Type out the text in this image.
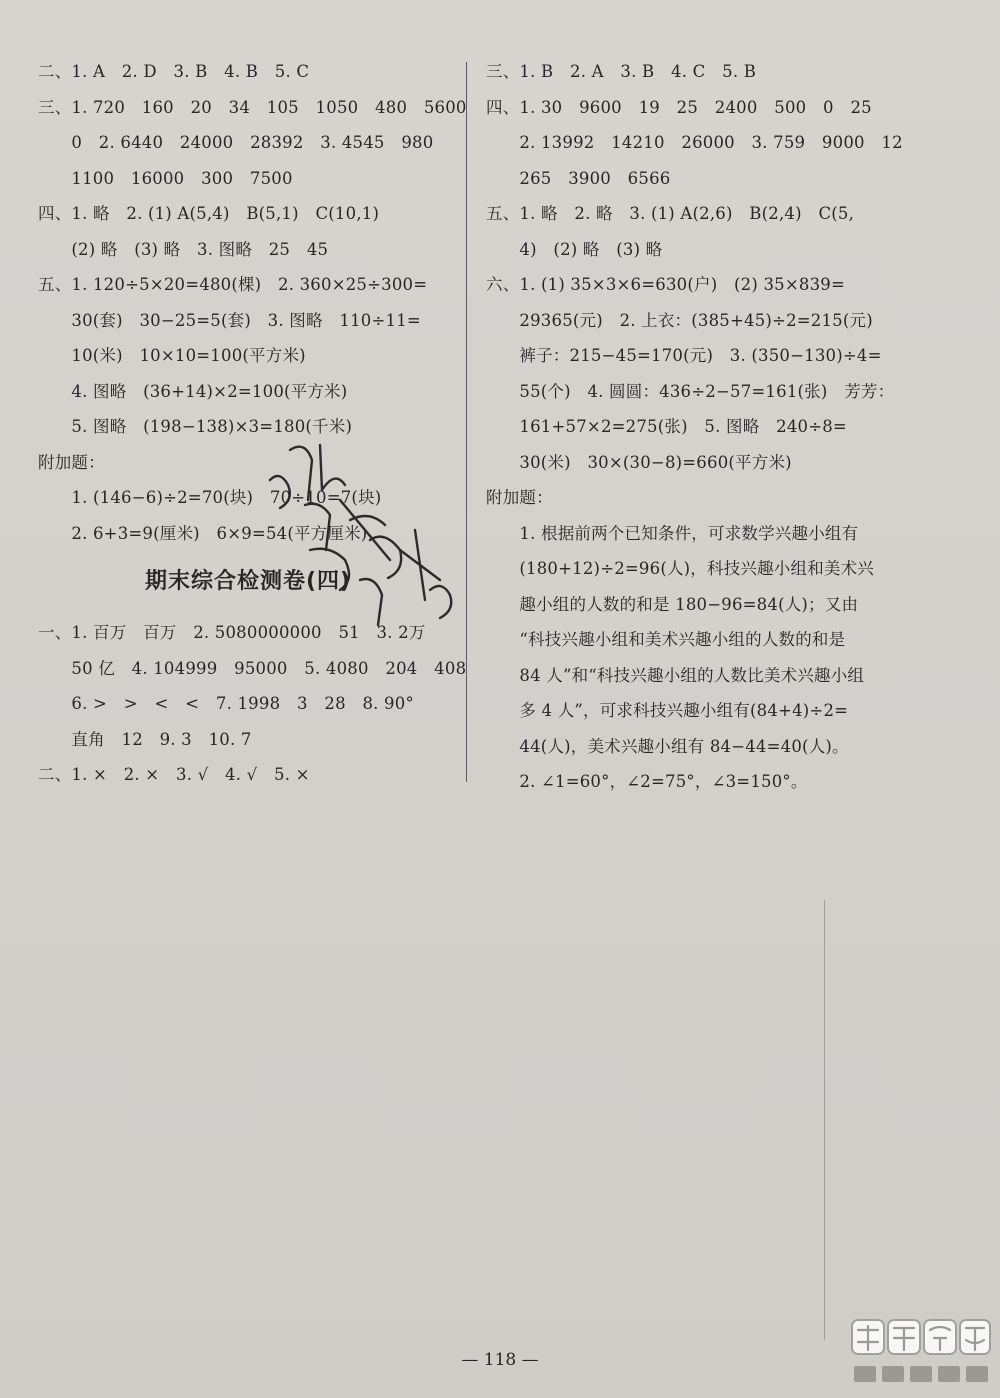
二、1. A　2. D　3. B　4. B　5. C
三、1. 720　160　20　34　105　1050　480　5600
　　0　2. 6440　24000　28392　3. 4545　980
　　1100　16000　300　7500
四、1. 略　2. (1) A(5,4)　B(5,1)　C(10,1)
　　(2) 略　(3) 略　3. 图略　25　45
五、1. 120÷5×20=480(棵)　2. 360×25÷300=
　　30(套)　30−25=5(套)　3. 图略　110÷11=
　　10(米)　10×10=100(平方米)
　　4. 图略　(36+14)×2=100(平方米)
　　5. 图略　(198−138)×3=180(千米)
附加题：
　　1. (146−6)÷2=70(块)　70÷10=7(块)
　　2. 6+3=9(厘米)　6×9=54(平方厘米)
期末综合检测卷(四)
一、1. 百万　百万　2. 5080000000　51　3. 2万
　　50 亿　4. 104999　95000　5. 4080　204　408
　　6. >　>　<　<　7. 1998　3　28　8. 90°
　　直角　12　9. 3　10. 7
二、1. ×　2. ×　3. √　4. √　5. ×
三、1. B　2. A　3. B　4. C　5. B
四、1. 30　9600　19　25　2400　500　0　25
　　2. 13992　14210　26000　3. 759　9000　12
　　265　3900　6566
五、1. 略　2. 略　3. (1) A(2,6)　B(2,4)　C(5,
　　4)　(2) 略　(3) 略
六、1. (1) 35×3×6=630(户)　(2) 35×839=
　　29365(元)　2. 上衣：(385+45)÷2=215(元)
　　裤子：215−45=170(元)　3. (350−130)÷4=
　　55(个)　4. 圆圆：436÷2−57=161(张)　芳芳：
　　161+57×2=275(张)　5. 图略　240÷8=
　　30(米)　30×(30−8)=660(平方米)
附加题：
　　1. 根据前两个已知条件，可求数学兴趣小组有
　　(180+12)÷2=96(人)，科技兴趣小组和美术兴
　　趣小组的人数的和是 180−96=84(人)；又由
　　“科技兴趣小组和美术兴趣小组的人数的和是
　　84 人”和“科技兴趣小组的人数比美术兴趣小组
　　多 4 人”，可求科技兴趣小组有(84+4)÷2=
　　44(人)，美术兴趣小组有 84−44=40(人)。
　　2. ∠1=60°，∠2=75°，∠3=150°。
— 118 —
